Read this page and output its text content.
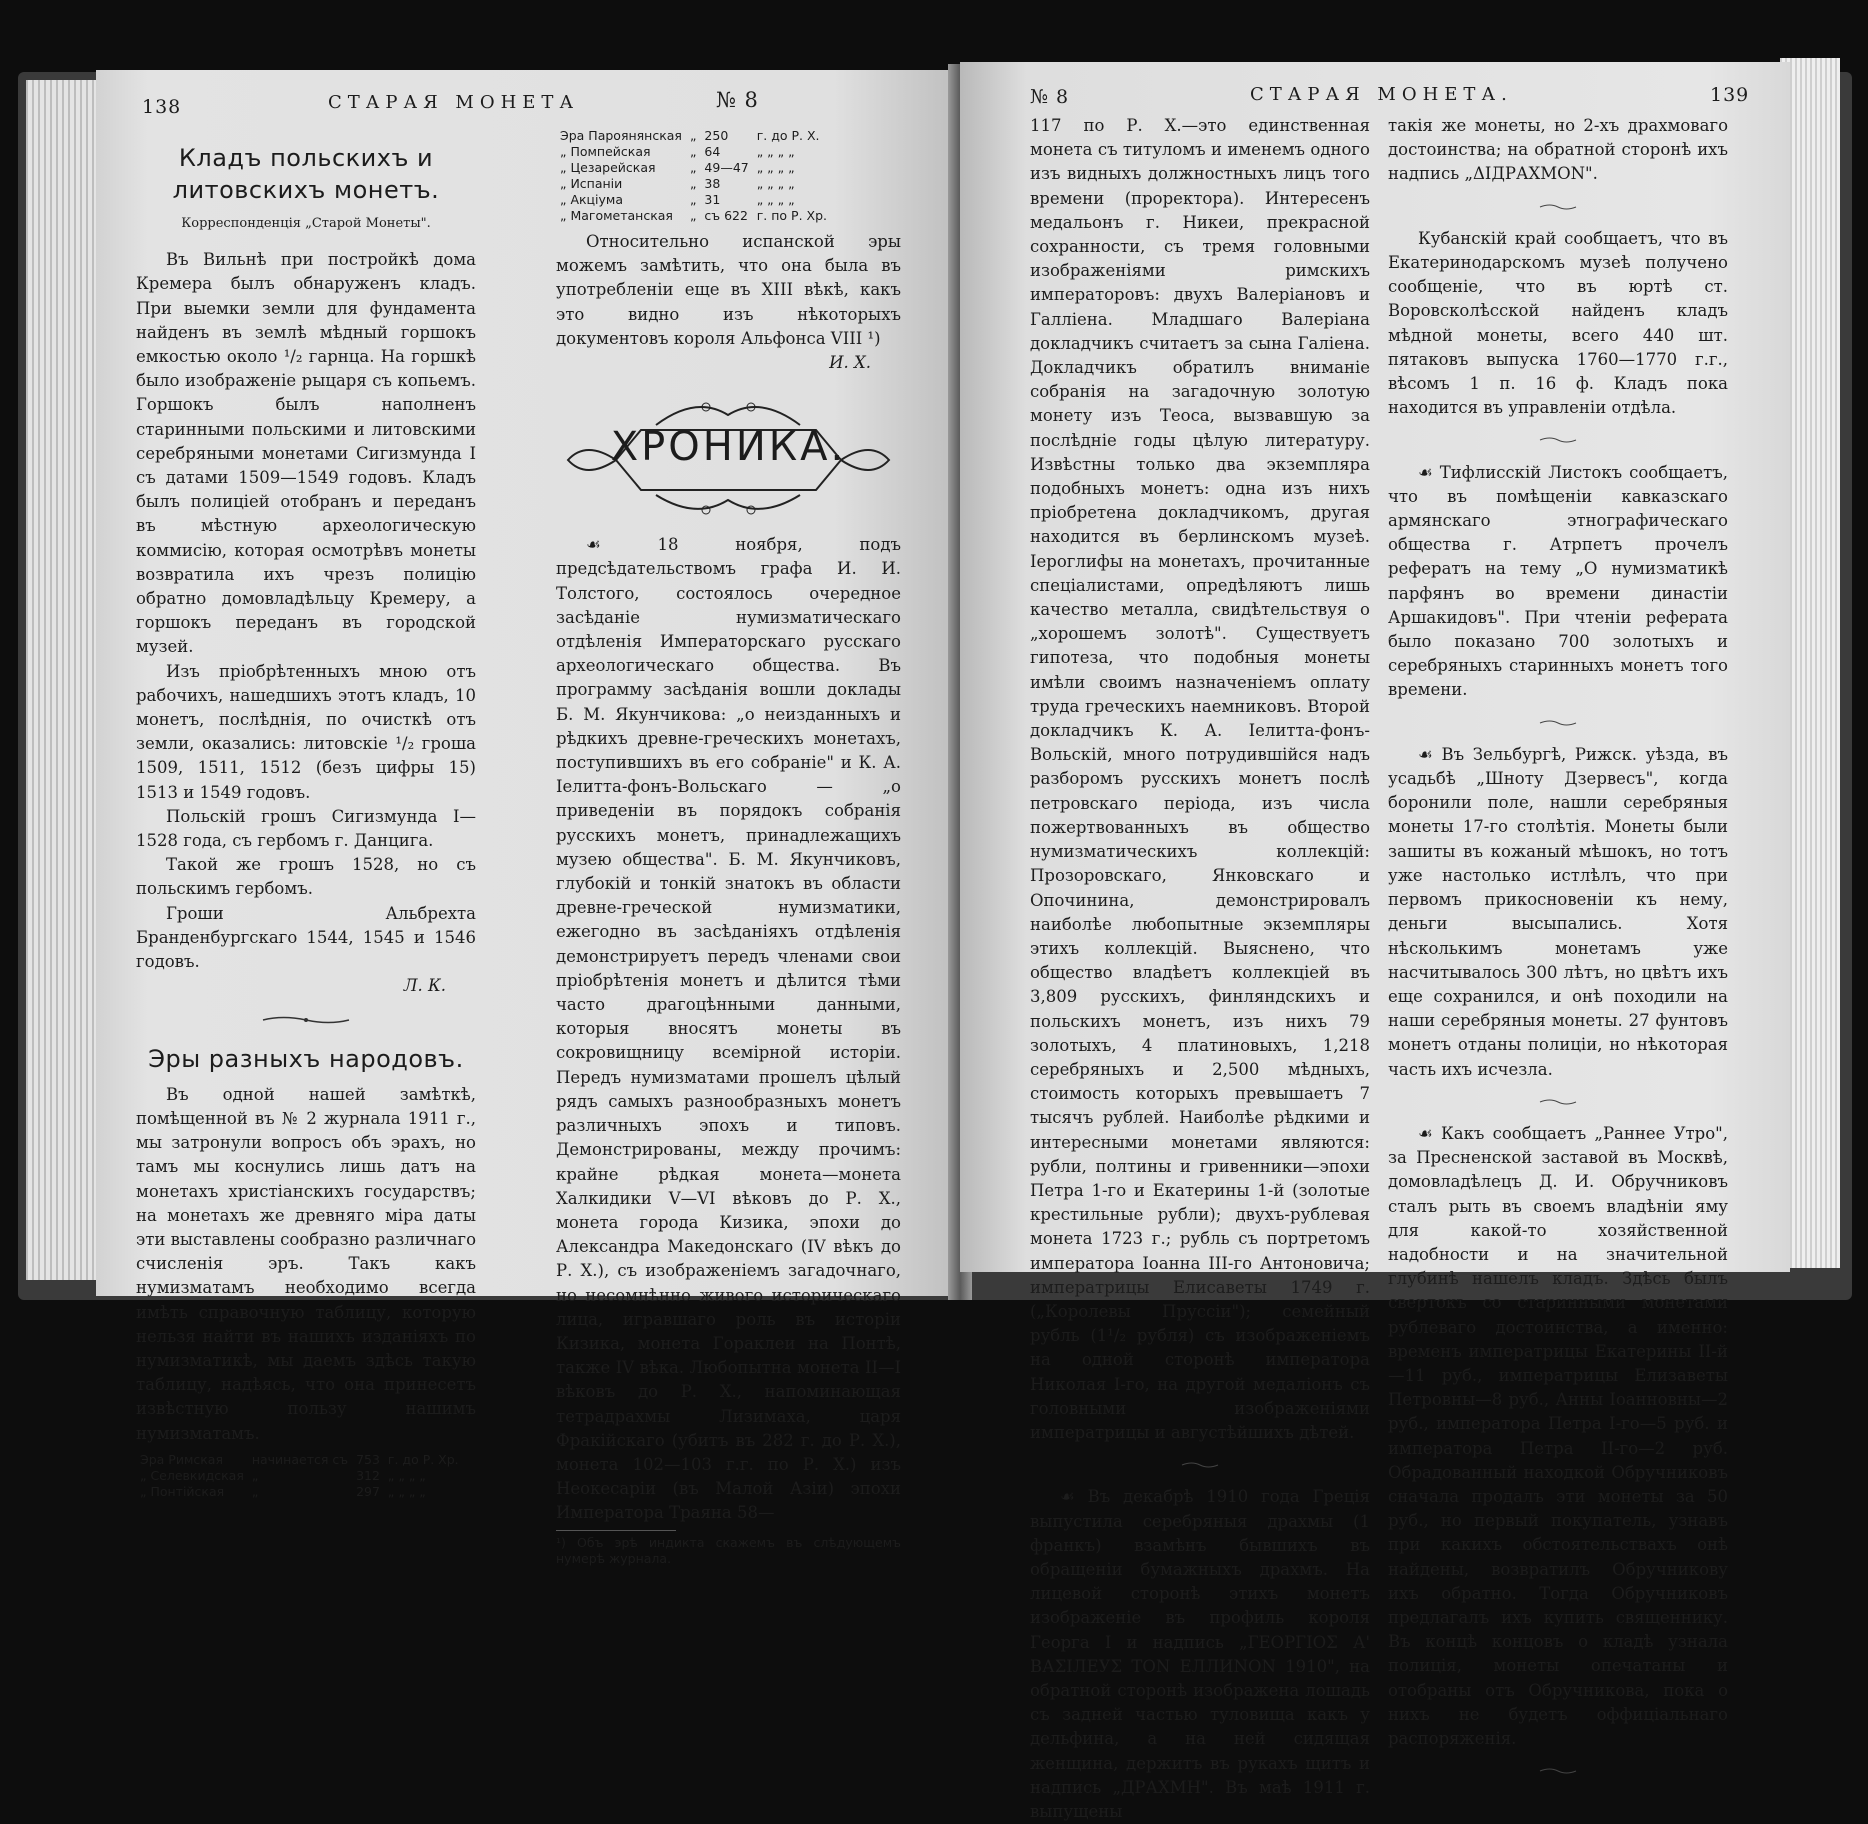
138	СТАРАЯ МОНЕТА	№ 8
Кладъ польскихъ и литовскихъ монетъ.
Корреспонденція „Старой Монеты".

Въ Вильнѣ при постройкѣ дома Кремера былъ обнаруженъ кладъ. При выемки земли для фундамента найденъ въ землѣ мѣдный горшокъ емкостью около ¹/₂ гарнца. На горшкѣ было изображеніе рыцаря съ копьемъ. Горшокъ былъ наполненъ старинными польскими и литовскими серебряными монетами Сигизмунда I съ датами 1509—1549 годовъ. Кладъ былъ полиціей отобранъ и переданъ въ мѣстную археологическую коммисію, которая осмотрѣвъ монеты возвратила ихъ чрезъ полицію обратно домовладѣльцу Кремеру, а горшокъ переданъ въ городской музей.

Изъ пріобрѣтенныхъ мною отъ рабочихъ, нашедшихъ этотъ кладъ, 10 монетъ, послѣднія, по очисткѣ отъ земли, оказались: литовскіе ¹/₂ гроша 1509, 1511, 1512 (безъ цифры 15) 1513 и 1549 годовъ.

Польскій грошъ Сигизмунда I—1528 года, съ гербомъ г. Данцига.

Такой же грошъ 1528, но съ польскимъ гербомъ.

Гроши Альбрехта Бранденбургскаго 1544, 1545 и 1546 годовъ.

Л. К.
Эры разныхъ народовъ.

Въ одной нашей замѣткѣ, помѣщенной въ № 2 журнала 1911 г., мы затронули вопросъ объ эрахъ, но тамъ мы коснулись лишь датъ на монетахъ христіанскихъ государствъ; на монетахъ же древняго міра даты эти выставлены сообразно различнаго счисленія эръ. Такъ какъ нумизматамъ необходимо всегда имѣть справочную таблицу, которую нельзя найти въ нашихъ изданіяхъ по нумизматикѣ, мы даемъ здѣсь такую таблицу, надѣясь, что она принесетъ извѣстную пользу нашимъ нумизматамъ.

Эра Римская	начинается съ	753	г. до Р. Хр.
„ Селевкидская	„	312	„ „ „ „
„ Понтійская	„	297	„ „ „ „
Эра Пароянянская	„	250	г. до Р. Х.
„ Помпейская	„	64	„ „ „ „
„ Цезарейская	„	49—47	„ „ „ „
„ Испаніи	„	38	„ „ „ „
„ Акціума	„	31	„ „ „ „
„ Магометанская	„	съ 622	г. по Р. Хр.

Относительно испанской эры можемъ замѣтить, что она была въ употребленіи еще въ XIII вѣкѣ, какъ это видно изъ нѣкоторыхъ документовъ короля Альфонса VIII ¹)

И. Х.
ХРОНИКА.

☙ 18 ноября, подъ предсѣдательствомъ графа И. И. Толстого, состоялось очередное засѣданіе нумизматическаго отдѣленія Императорскаго русскаго археологическаго общества. Въ программу засѣданія вошли доклады Б. М. Якунчикова: „о неизданныхъ и рѣдкихъ древне-греческихъ монетахъ, поступившихъ въ его собраніе" и К. А. Іелитта-фонъ-Вольскаго — „о приведеніи въ порядокъ собранія русскихъ монетъ, принадлежащихъ музею общества". Б. М. Якунчиковъ, глубокій и тонкій знатокъ въ области древне-греческой нумизматики, ежегодно въ засѣданіяхъ отдѣленія демонстрируетъ передъ членами свои пріобрѣтенія монетъ и дѣлится тѣми часто драгоцѣнными данными, которыя вносятъ монеты въ сокровищницу всемірной исторіи. Передъ нумизматами прошелъ цѣлый рядъ самыхъ разнообразныхъ монетъ различныхъ эпохъ и типовъ. Демонстрированы, между прочимъ: крайне рѣдкая монета—монета Халкидики V—VI вѣковъ до Р. Х., монета города Кизика, эпохи до Александра Македонскаго (IV вѣкъ до Р. Х.), съ изображеніемъ загадочнаго, но несомнѣнно живого историческаго лица, игравшаго роль въ исторіи Кизика, монета Гораклеи на Понтѣ, также IV вѣка. Любопытна монета II—I вѣковъ до Р. Х., напоминающая тетрадрахмы Лизимаха, царя Фракійскаго (убитъ въ 282 г. до Р. Х.), монета 102—103 г.г. по Р. Х.) изъ Неокесаріи (въ Малой Азіи) эпохи Императора Траяна 58—

¹) Объ эрѣ индикта скажемъ въ слѣдующемъ нумерѣ журнала.
№ 8	СТАРАЯ МОНЕТА.	139

117 по Р. Х.—это единственная монета съ титуломъ и именемъ одного изъ видныхъ должностныхъ лицъ того времени (проректора). Интересенъ медальонъ г. Никеи, прекрасной сохранности, съ тремя головными изображеніями римскихъ императоровъ: двухъ Валеріановъ и Галліена. Младшаго Валеріана докладчикъ считаетъ за сына Галіена. Докладчикъ обратилъ вниманіе собранія на загадочную золотую монету изъ Теоса, вызвавшую за послѣдніе годы цѣлую литературу. Извѣстны только два экземпляра подобныхъ монетъ: одна изъ нихъ пріобретена докладчикомъ, другая находится въ берлинскомъ музеѣ. Іероглифы на монетахъ, прочитанные спеціалистами, опредѣляютъ лишь качество металла, свидѣтельствуя о „хорошемъ золотѣ". Существуетъ гипотеза, что подобныя монеты имѣли своимъ назначеніемъ оплату труда греческихъ наемниковъ. Второй докладчикъ К. А. Іелитта-фонъ-Вольскій, много потрудившійся надъ разборомъ русскихъ монетъ послѣ петровскаго періода, изъ числа пожертвованныхъ въ общество нумизматическихъ коллекцій: Прозоровскаго, Янковскаго и Опочинина, демонстрировалъ наиболѣе любопытные экземпляры этихъ коллекцій. Выяснено, что общество владѣетъ коллекціей въ 3,809 русскихъ, финляндскихъ и польскихъ монетъ, изъ нихъ 79 золотыхъ, 4 платиновыхъ, 1,218 серебряныхъ и 2,500 мѣдныхъ, стоимость которыхъ превышаетъ 7 тысячъ рублей. Наиболѣе рѣдкими и интересными монетами являются: рубли, полтины и гривенники—эпохи Петра 1-го и Екатерины 1-й (золотые крестильные рубли); двухъ-рублевая монета 1723 г.; рубль съ портретомъ императора Іоанна III-го Антоновича; императрицы Елисаветы 1749 г. („Королевы Пруссіи"); семейный рубль (1¹/₂ рубля) съ изображеніемъ на одной сторонѣ императора Николая I-го, на другой медаліонъ съ головными изображеніями императрицы и августѣйшихъ дѣтей.

☙ Въ декабрѣ 1910 года Греція выпустила серебряныя драхмы (1 франкъ) взамѣнъ бывшихъ въ обращеніи бумажныхъ драхмъ. На лицевой сторонѣ этихъ монетъ изображеніе въ профиль короля Георга I и надпись „ГЕОРГІОΣ А' ВАΣІЛЕУΣ ТОN ЕЛЛИNОN 1910", на обратной сторонѣ изображена лошадь съ задней частью туловища какъ у дельфина, а на ней сидящая женщина, держитъ въ рукахъ щитъ и надпись „ДРАХМН". Въ маѣ 1911 г. выпущены

такія же монеты, но 2-хъ драхмоваго достоинства; на обратной сторонѣ ихъ надпись „ΔІДРАХМОN".

Кубанскій край сообщаетъ, что въ Екатеринодарскомъ музеѣ получено сообщеніе, что въ юртѣ ст. Воровсколѣсской найденъ кладъ мѣдной монеты, всего 440 шт. пятаковъ выпуска 1760—1770 г.г., вѣсомъ 1 п. 16 ф. Кладъ пока находится въ управленіи отдѣла.

☙ Тифлисскій Листокъ сообщаетъ, что въ помѣщеніи кавказскаго армянскаго этнографическаго общества г. Атрпетъ прочелъ рефератъ на тему „О нумизматикѣ парфянъ во времени династіи Аршакидовъ". При чтеніи реферата было показано 700 золотыхъ и серебряныхъ старинныхъ монетъ того времени.

☙ Въ Зельбургѣ, Рижск. уѣзда, въ усадьбѣ „Шноту Дзервесъ", когда боронили поле, нашли серебряныя монеты 17-го столѣтія. Монеты были зашиты въ кожаный мѣшокъ, но тотъ уже настолько истлѣлъ, что при первомъ прикосновеніи къ нему, деньги высыпались. Хотя нѣсколькимъ монетамъ уже насчитывалось 300 лѣтъ, но цвѣтъ ихъ еще сохранился, и онѣ походили на наши серебряныя монеты. 27 фунтовъ монетъ отданы полиціи, но нѣкоторая часть ихъ исчезла.

☙ Какъ сообщаетъ „Раннее Утро", за Пресненской заставой въ Москвѣ, домовладѣлецъ Д. И. Обручниковъ сталъ рыть въ своемъ владѣніи яму для какой-то хозяйственной надобности и на значительной глубинѣ нашелъ кладъ. Здѣсь былъ свертокъ со старинными монетами рублеваго достоинства, а именно: временъ императрицы Екатерины II-й—11 руб., императрицы Елизаветы Петровны—8 руб., Анны Іоанновны—2 руб., императора Петра I-го—5 руб. и императора Петра II-го—2 руб. Обрадованный находкой Обручниковъ сначала продалъ эти монеты за 50 руб., но первый покупатель, узнавъ при какихъ обстоятельствахъ онѣ найдены, возвратилъ Обручникову ихъ обратно. Тогда Обручниковъ предлагалъ ихъ купить священнику. Въ концѣ концовъ о кладѣ узнала полиція, монеты опечатаны и отобраны отъ Обручникова, пока о нихъ не будетъ оффиціальнаго распоряженія.
